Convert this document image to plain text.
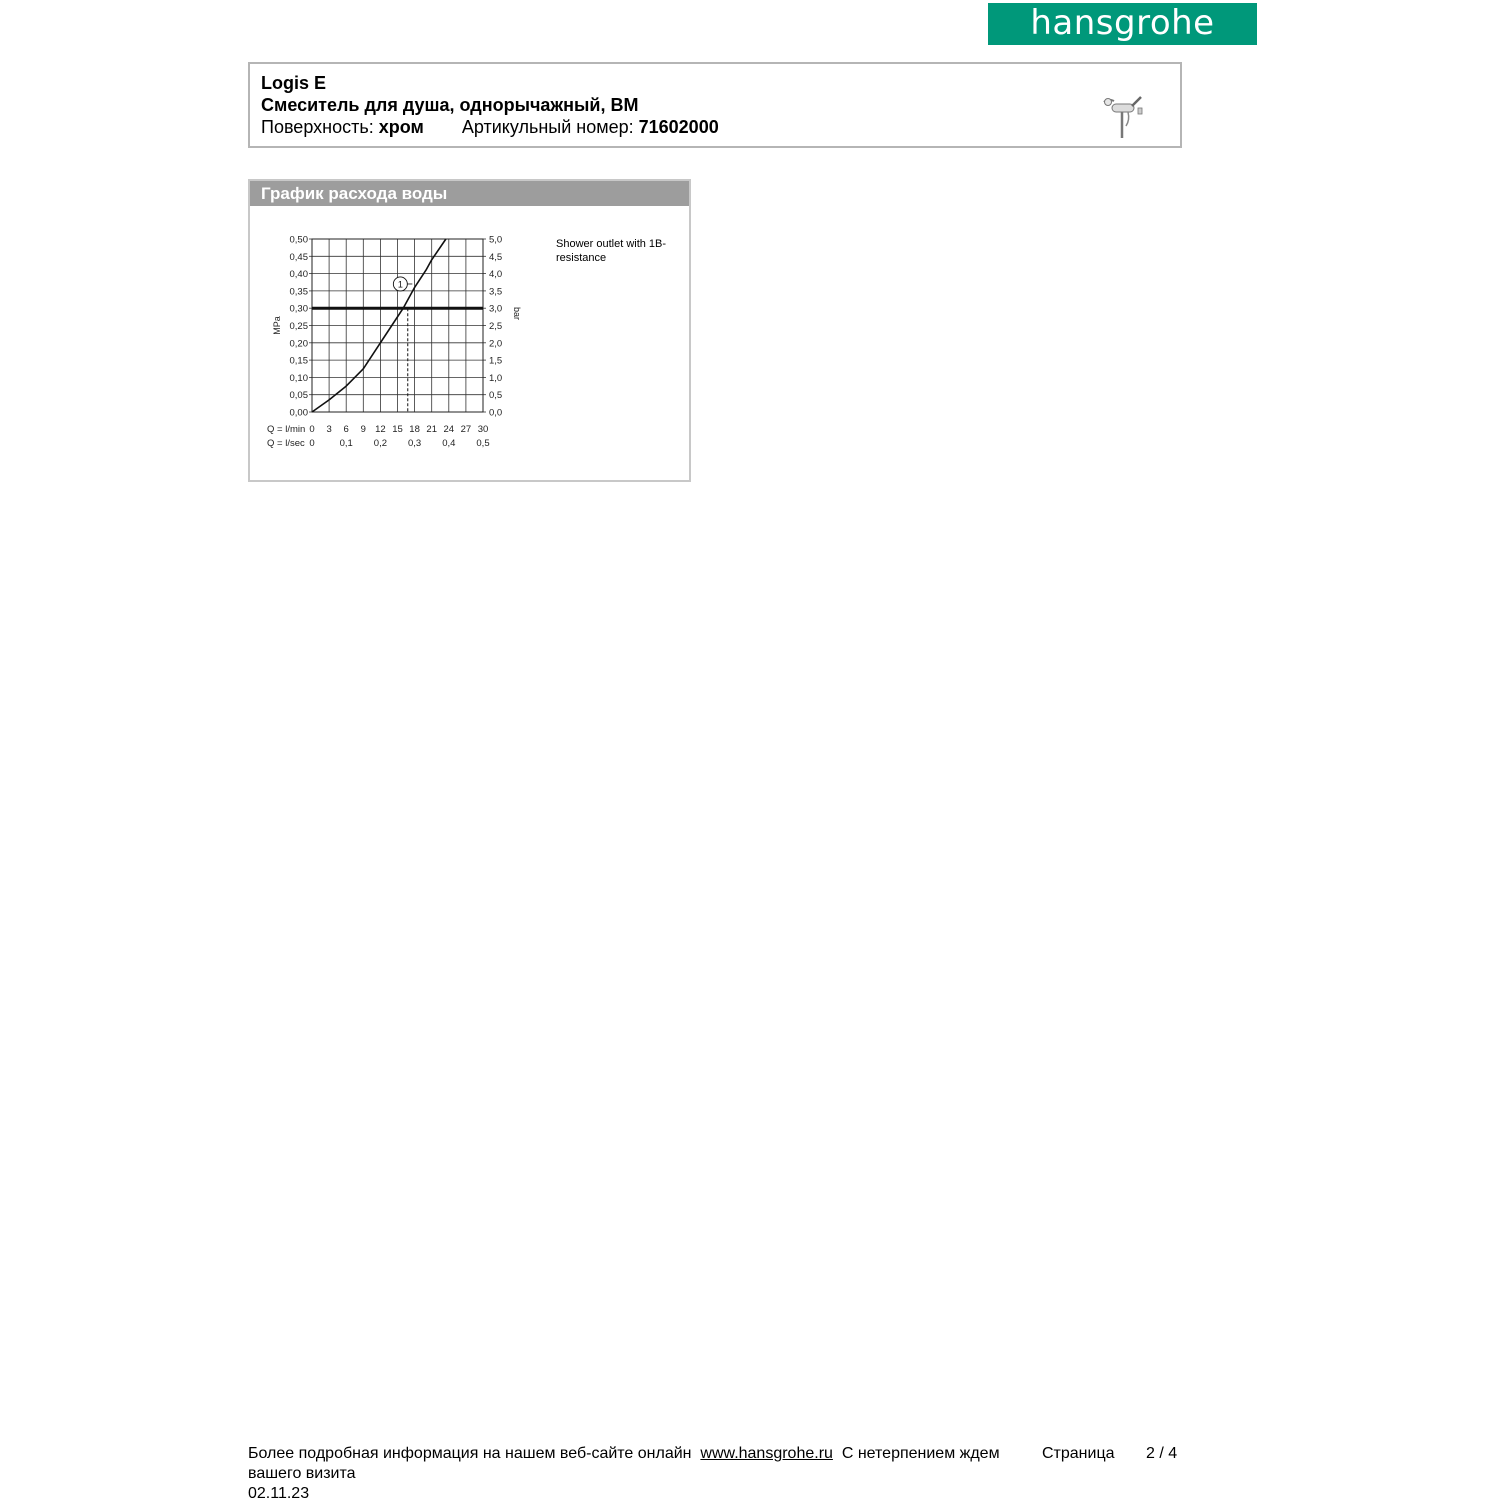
hansgrohe
Logis E
Смеситель для душа, однорычажный, ВМ
Поверхность: хром Артикульный номер: 71602000
График расхода воды
0,00
0,05
0,10
0,15
0,20
0,25
0,30
0,35
0,40
0,45
0,50
0,0
0,5
1,0
1,5
2,0
2,5
3,0
3,5
4,0
4,5
5,0
MPa
bar
Q = l/min 0 3 6 9 12 15 18 21 24 27 30
Q = l/sec 0	0,1 0,2 0,3 0,4 0,5
1
Shower outlet with 1B-resistance
Более подробная информация на нашем веб-сайте онлайн www.hansgrohe.ru С нетерпением ждем	Страница 2 / 4
вашего визита
02.11.23
